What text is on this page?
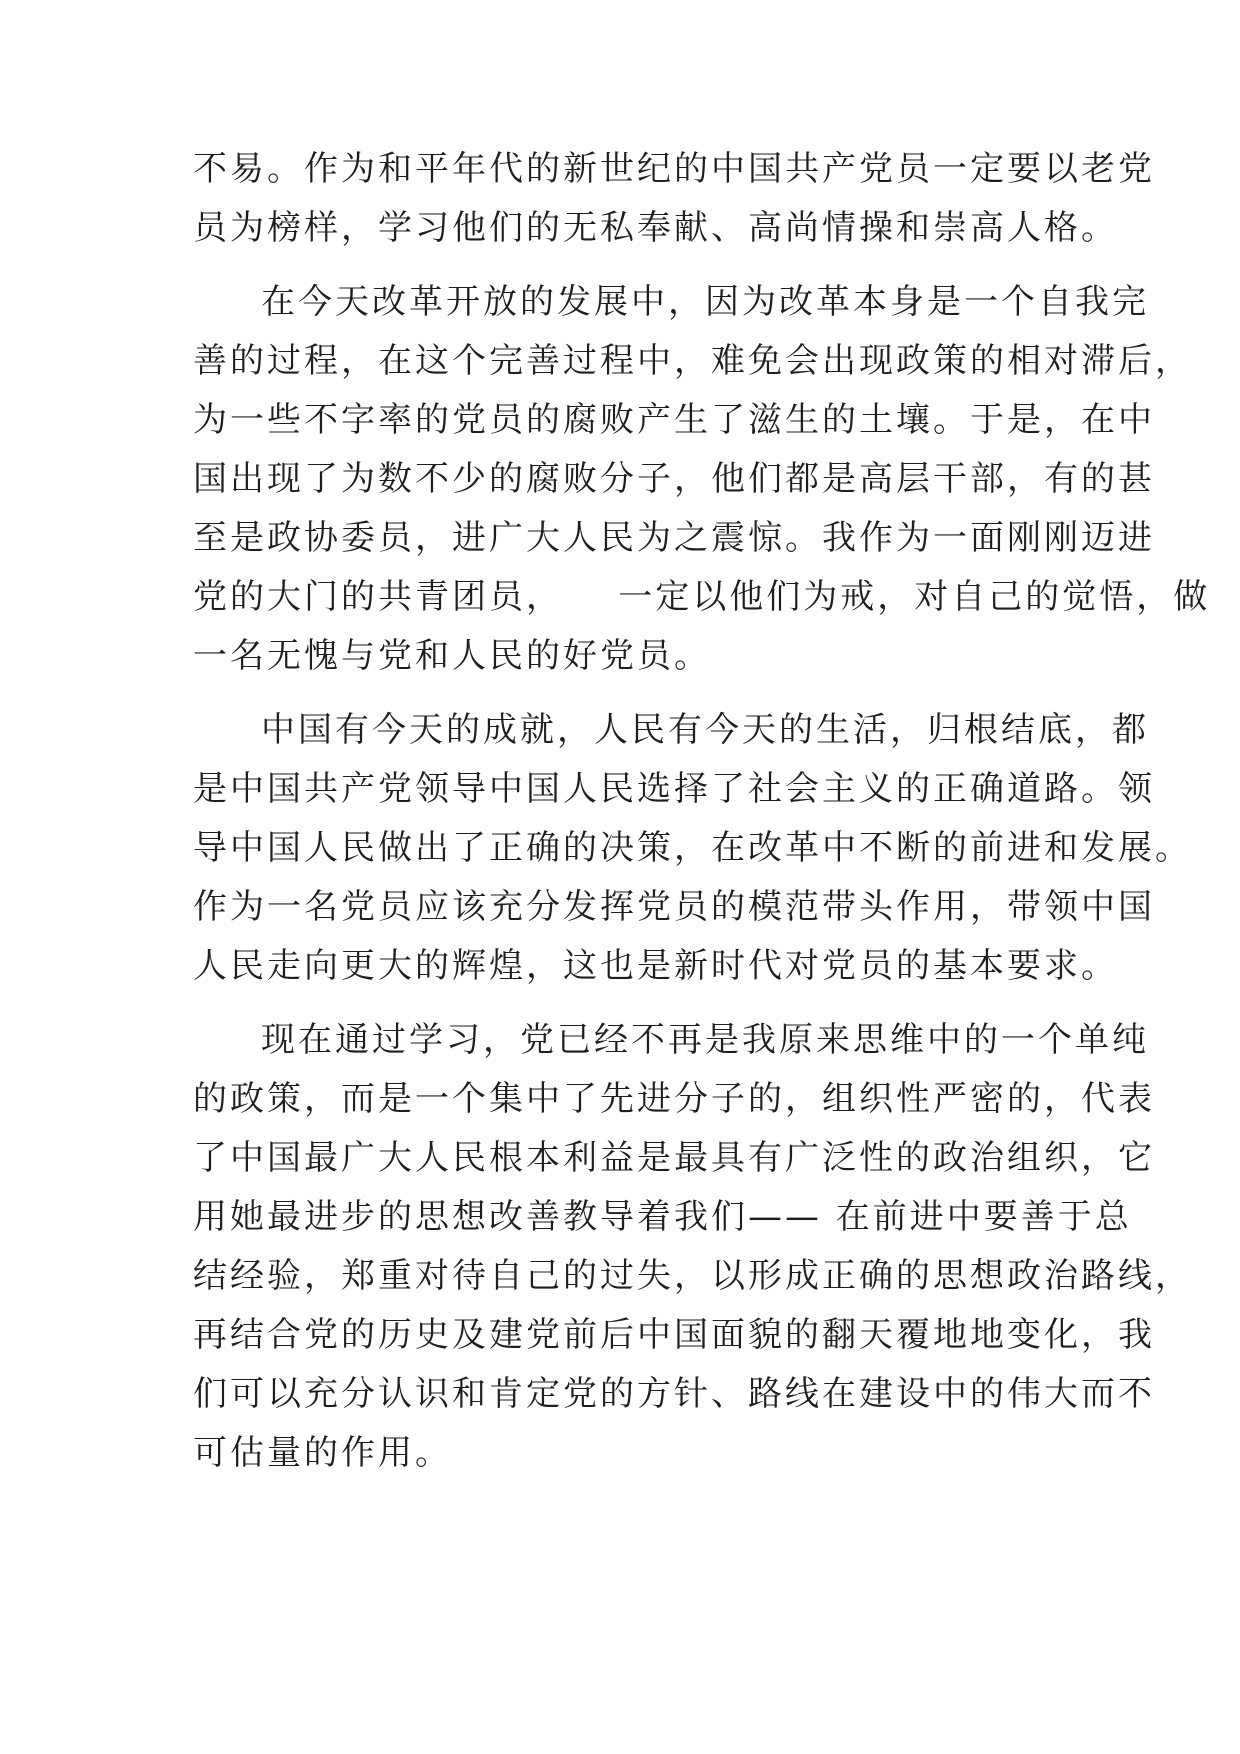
不易。作为和平年代的新世纪的中国共产党员一定要以老党
员为榜样，学习他们的无私奉献、高尚情操和崇高人格。
在今天改革开放的发展中，因为改革本身是一个自我完
善的过程，在这个完善过程中，难免会出现政策的相对滞后，
为一些不字率的党员的腐败产生了滋生的土壤。于是，在中
国出现了为数不少的腐败分子，他们都是高层干部，有的甚
至是政协委员，进广大人民为之震惊。我作为一面刚刚迈进
党的大门的共青团员，    一定以他们为戒，对自己的觉悟，做
一名无愧与党和人民的好党员。
中国有今天的成就，人民有今天的生活，归根结底，都
是中国共产党领导中国人民选择了社会主义的正确道路。领
导中国人民做出了正确的决策，在改革中不断的前进和发展。
作为一名党员应该充分发挥党员的模范带头作用，带领中国
人民走向更大的辉煌，这也是新时代对党员的基本要求。
现在通过学习，党已经不再是我原来思维中的一个单纯
的政策，而是一个集中了先进分子的，组织性严密的，代表
了中国最广大人民根本利益是最具有广泛性的政治组织，它
用她最进步的思想改善教导着我们—— 在前进中要善于总
结经验，郑重对待自己的过失，以形成正确的思想政治路线，
再结合党的历史及建党前后中国面貌的翻天覆地地变化，我
们可以充分认识和肯定党的方针、路线在建设中的伟大而不
可估量的作用。
